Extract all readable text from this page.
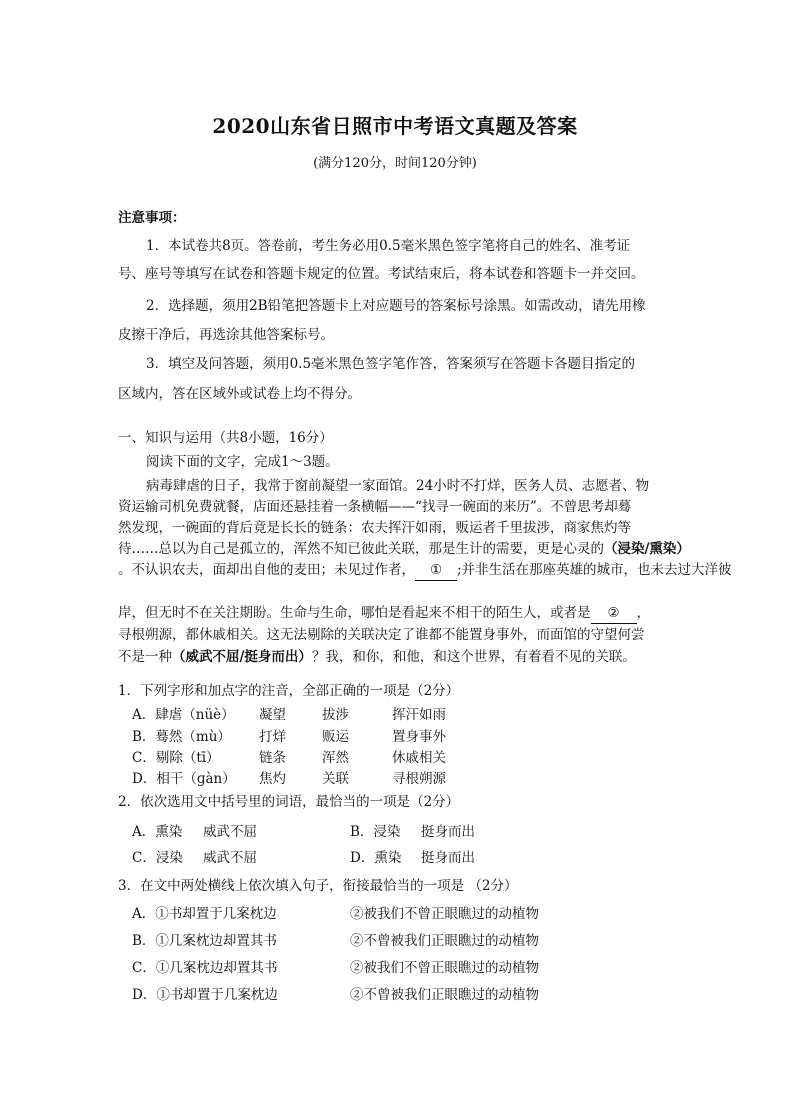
2020山东省日照市中考语文真题及答案
(满分120分，时间120分钟)
注意事项：
1．本试卷共8页。答卷前，考生务必用0.5毫米黑色签字笔将自己的姓名、准考证
号、座号等填写在试卷和答题卡规定的位置。考试结束后，将本试卷和答题卡一并交回。
2．选择题，须用2B铅笔把答题卡上对应题号的答案标号涂黑。如需改动，请先用橡
皮擦干净后，再选涂其他答案标号。
3．填空及问答题，须用0.5毫米黑色签字笔作答，答案须写在答题卡各题目指定的
区域内，答在区域外或试卷上均不得分。
一、知识与运用（共8小题，16分）
阅读下面的文字，完成1～3题。
病毒肆虐的日子，我常于窗前凝望一家面馆。24小时不打烊，医务人员、志愿者、物
资运输司机免费就餐，店面还悬挂着一条横幅——“找寻一碗面的来历”。不曾思考却蓦
然发现，一碗面的背后竟是长长的链条：农夫挥汗如雨，贩运者千里拔涉，商家焦灼等
待……总以为自己是孤立的，浑然不知已彼此关联，那是生计的需要，更是心灵的（浸染/熏染）
。不认识农夫，面却出自他的麦田；未见过作者， ① ;并非生活在那座英雄的城市，也未去过大洋彼
岸，但无时不在关注期盼。生命与生命，哪怕是看起来不相干的陌生人，或者是 ② ，
寻根朔源，都休戚相关。这无法剔除的关联决定了谁都不能置身事外，而面馆的守望何尝
不是一种（威武不屈/挺身而出）？我，和你，和他，和这个世界，有着看不见的关联。
1．下列字形和加点字的注音，全部正确的一项是（2分）
A．肆虐（nüè） 凝望	拔涉	挥汗如雨
B．蓦然（mù） 打烊	贩运	置身事外
C．剔除（tī）	链条	浑然	休戚相关
D．相干（ɡàn） 焦灼	关联	寻根朔源
2．依次选用文中括号里的词语，最恰当的一项是（2分）
A．熏染 威武不屈	B．浸染 挺身而出
C．浸染 威武不屈	D．熏染 挺身而出
3．在文中两处横线上依次填入句子，衔接最恰当的一项是 （2分）
A．①书却置于几案枕边	②被我们不曾正眼瞧过的动植物
B．①几案枕边却置其书	②不曾被我们正眼瞧过的动植物
C．①几案枕边却置其书	②被我们不曾正眼瞧过的动植物
D．①书却置于几案枕边	②不曾被我们正眼瞧过的动植物
